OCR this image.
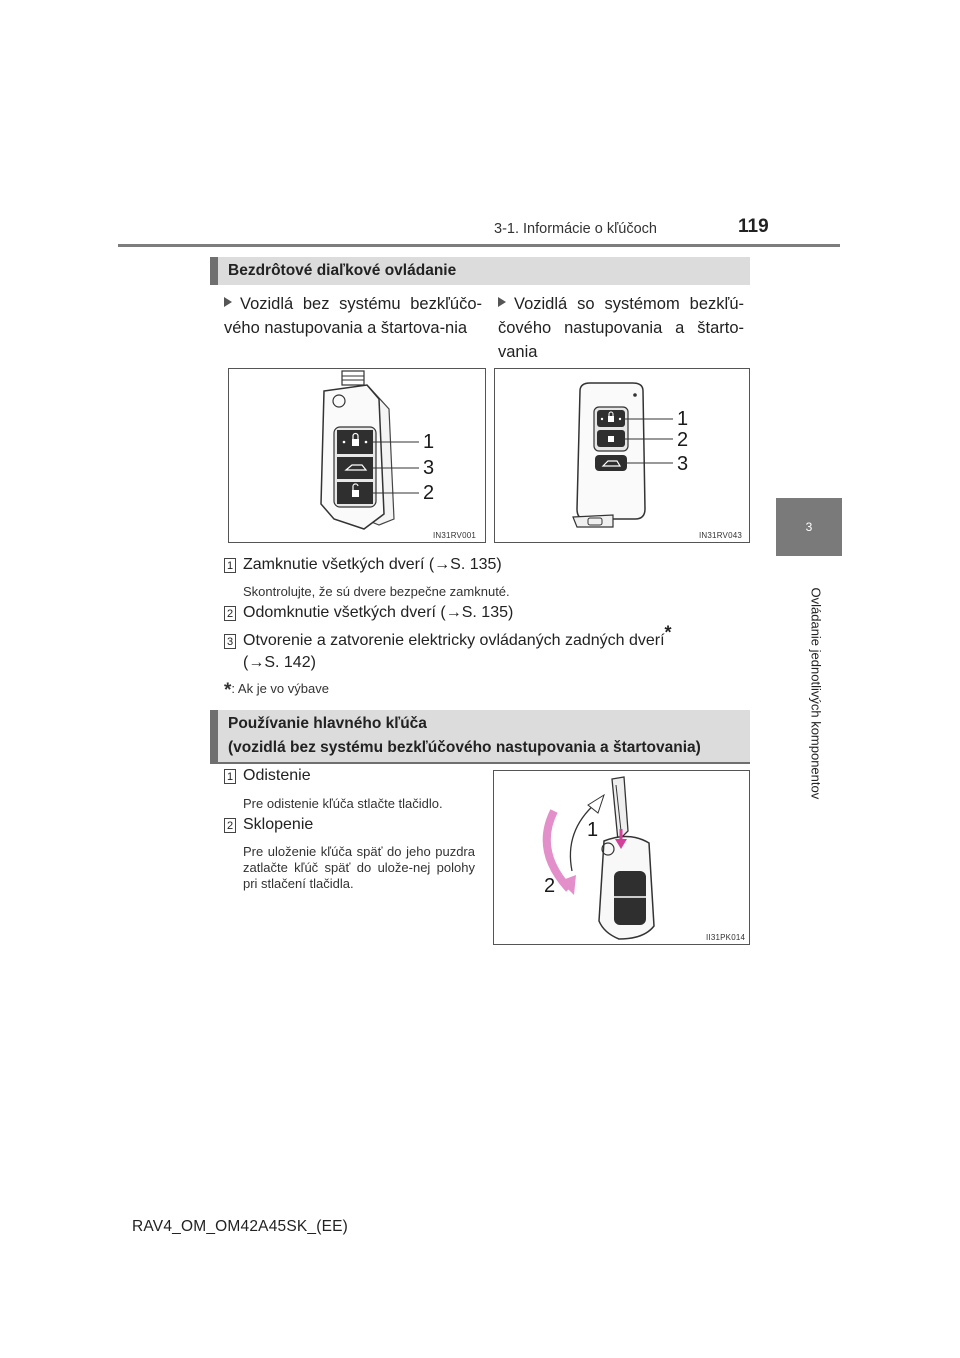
3-1. Informácie o kľúčoch	119
3
Ovládanie jednotlivých komponentov
Bezdrôtové diaľkové ovládanie
Vozidlá bez systému bezkľúčo-vého nastupovania a štartova-nia
Vozidlá so systémom bezkľú-čového nastupovania a štarto-vania
1
3
2
IN31RV001
1
2
3
IN31RV043
1 Zamknutie všetkých dverí (→S. 135)
Skontrolujte, že sú dvere bezpečne zamknuté.
2 Odomknutie všetkých dverí (→S. 135)
3 Otvorenie a zatvorenie elektricky ovládaných zadných dverí*
(→S. 142)
*: Ak je vo výbave
Používanie hlavného kľúča
(vozidlá bez systému bezkľúčového nastupovania a štartovania)
1 Odistenie
Pre odistenie kľúča stlačte tlačidlo.
2 Sklopenie
Pre uloženie kľúča späť do jeho puzdra zatlačte kľúč späť do ulože-nej polohy pri stlačení tlačidla.
1
2
II31PK014
RAV4_OM_OM42A45SK_(EE)
